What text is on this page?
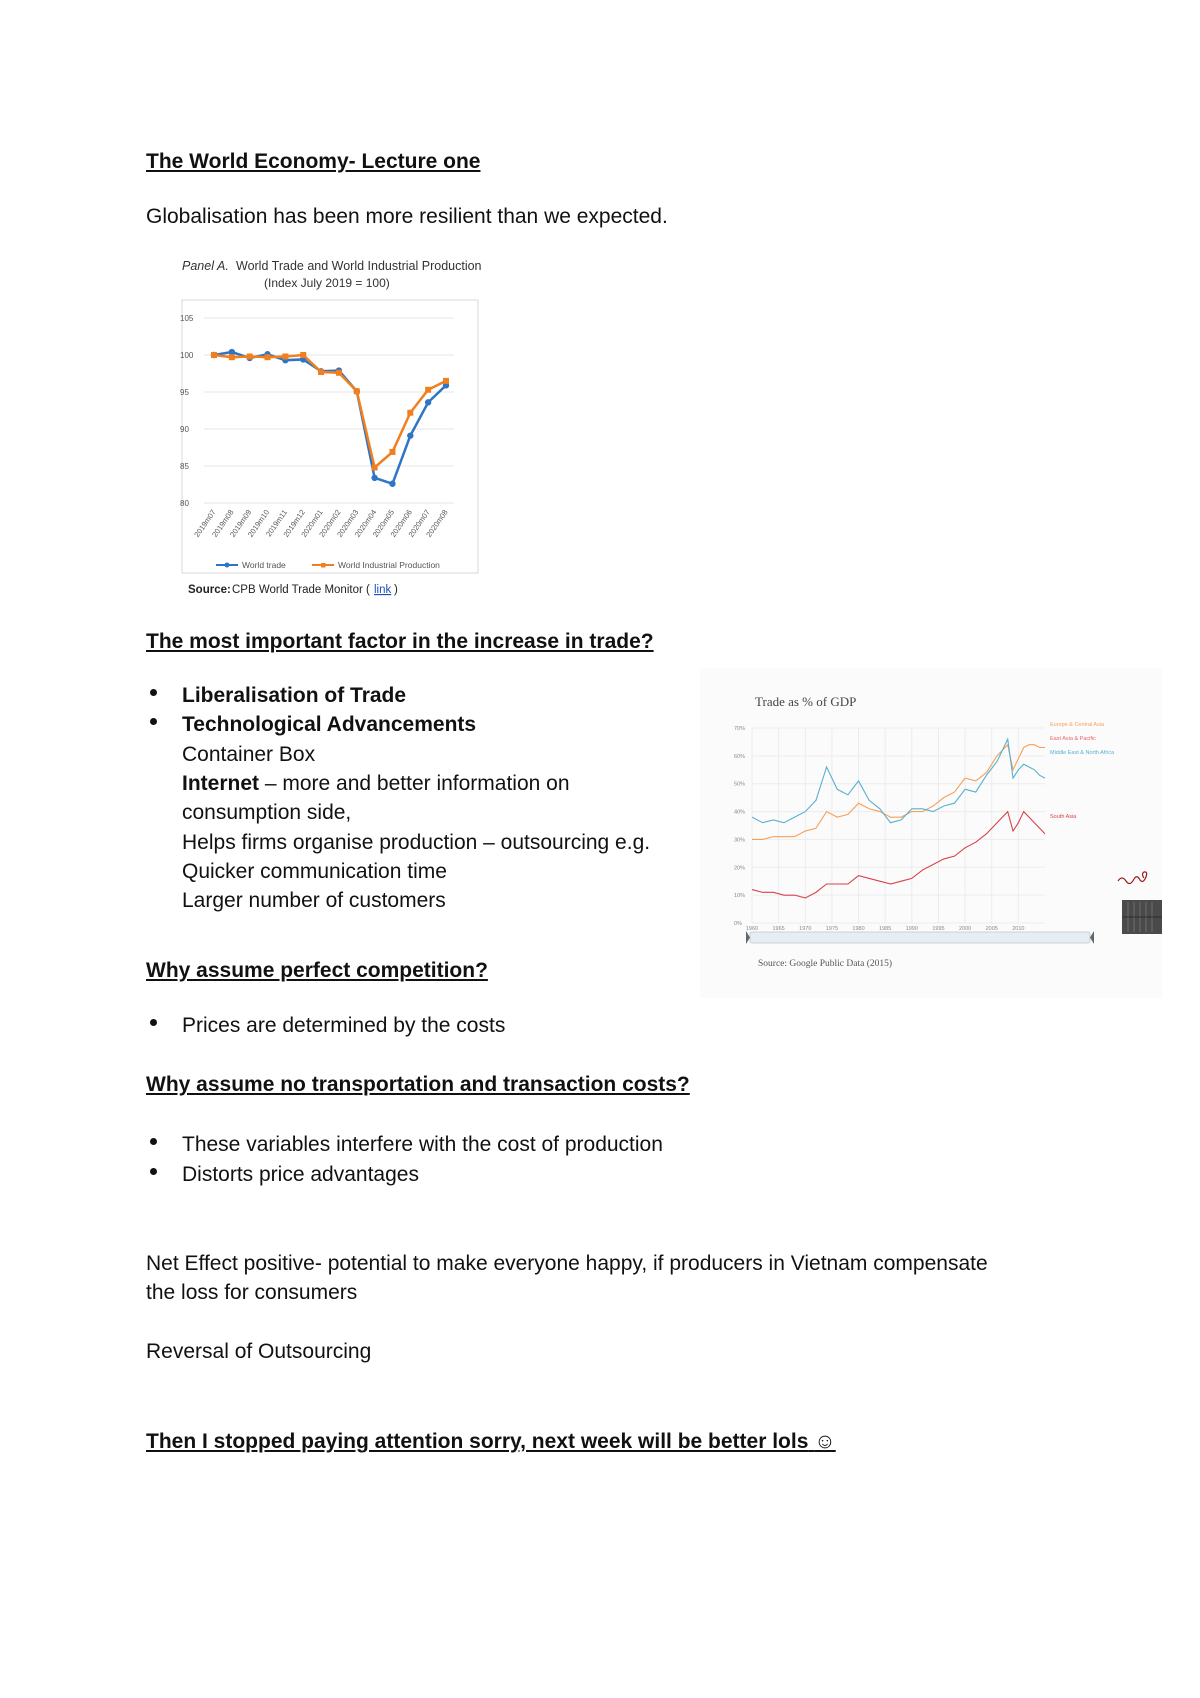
The World Economy- Lecture one
Globalisation has been more resilient than we expected.
Panel A. World Trade and World Industrial Production
(Index July 2019 = 100)
80
85
90
95
100
105
2019m07
2019m08
2019m09
2019m10
2019m11
2019m12
2020m01
2020m02
2020m03
2020m04
2020m05
2020m06
2020m07
2020m08
World trade	World Industrial Production
Source: CPB World Trade Monitor ( link )
The most important factor in the increase in trade?
Liberalisation of Trade
Technological Advancements
Container Box
Internet – more and better information on
consumption side,
Helps firms organise production – outsourcing e.g.
Quicker communication time
Larger number of customers
Trade as % of GDP
0%
10%
20%
30%
40%
50%
60%
70%
1960	1965	1970	1975	1980	1985	1990	1995	2000	2005	2010
Europe & Central Asia
East Asia & Pacific
Middle East & North Africa
South Asia
Source: Google Public Data (2015)
Why assume perfect competition?
Prices are determined by the costs
Why assume no transportation and transaction costs?
These variables interfere with the cost of production
Distorts price advantages
Net Effect positive- potential to make everyone happy, if producers in Vietnam compensate
the loss for consumers
Reversal of Outsourcing
Then I stopped paying attention sorry, next week will be better lols ☺
